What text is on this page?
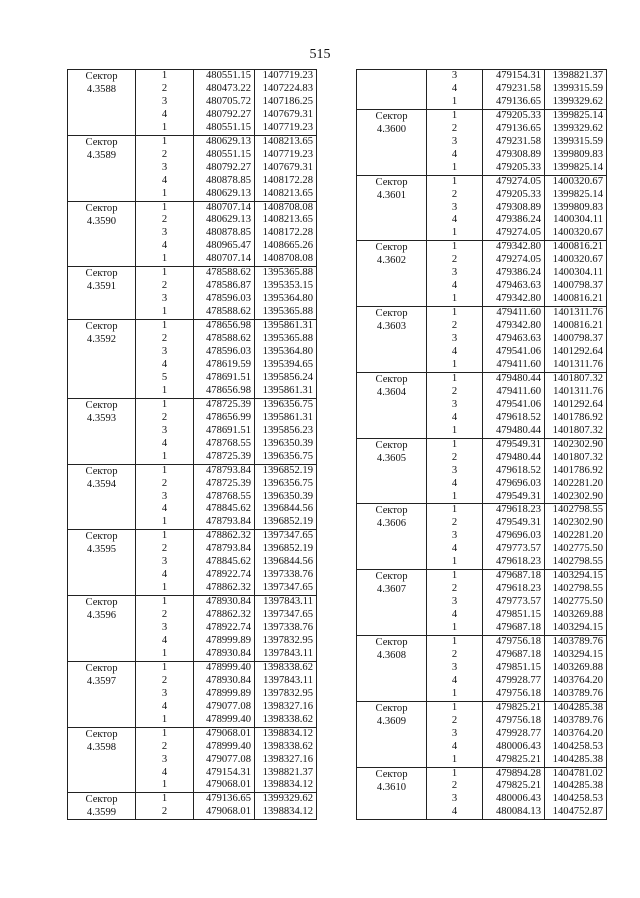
515
Сектор
4.3588	1	480551.15	1407719.23
	2	480473.22	1407224.83
	3	480705.72	1407186.25
	4	480792.27	1407679.31
	1	480551.15	1407719.23

Сектор
4.3589	1	480629.13	1408213.65
	2	480551.15	1407719.23
	3	480792.27	1407679.31
	4	480878.85	1408172.28
	1	480629.13	1408213.65

Сектор
4.3590	1	480707.14	1408708.08
	2	480629.13	1408213.65
	3	480878.85	1408172.28
	4	480965.47	1408665.26
	1	480707.14	1408708.08

Сектор
4.3591	1	478588.62	1395365.88
	2	478586.87	1395353.15
	3	478596.03	1395364.80
	1	478588.62	1395365.88

Сектор
4.3592	1	478656.98	1395861.31
	2	478588.62	1395365.88
	3	478596.03	1395364.80
	4	478619.59	1395394.65
	5	478691.51	1395856.24
	1	478656.98	1395861.31

Сектор
4.3593	1	478725.39	1396356.75
	2	478656.99	1395861.31
	3	478691.51	1395856.23
	4	478768.55	1396350.39
	1	478725.39	1396356.75

Сектор
4.3594	1	478793.84	1396852.19
	2	478725.39	1396356.75
	3	478768.55	1396350.39
	4	478845.62	1396844.56
	1	478793.84	1396852.19

Сектор
4.3595	1	478862.32	1397347.65
	2	478793.84	1396852.19
	3	478845.62	1396844.56
	4	478922.74	1397338.76
	1	478862.32	1397347.65

Сектор
4.3596	1	478930.84	1397843.11
	2	478862.32	1397347.65
	3	478922.74	1397338.76
	4	478999.89	1397832.95
	1	478930.84	1397843.11

Сектор
4.3597	1	478999.40	1398338.62
	2	478930.84	1397843.11
	3	478999.89	1397832.95
	4	479077.08	1398327.16
	1	478999.40	1398338.62

Сектор
4.3598	1	479068.01	1398834.12
	2	478999.40	1398338.62
	3	479077.08	1398327.16
	4	479154.31	1398821.37
	1	479068.01	1398834.12

Сектор
4.3599	1	479136.65	1399329.62
	2	479068.01	1398834.12
	3	479154.31	1398821.37
	4	479231.58	1399315.59
	1	479136.65	1399329.62

Сектор
4.3600	1	479205.33	1399825.14
	2	479136.65	1399329.62
	3	479231.58	1399315.59
	4	479308.89	1399809.83
	1	479205.33	1399825.14

Сектор
4.3601	1	479274.05	1400320.67
	2	479205.33	1399825.14
	3	479308.89	1399809.83
	4	479386.24	1400304.11
	1	479274.05	1400320.67

Сектор
4.3602	1	479342.80	1400816.21
	2	479274.05	1400320.67
	3	479386.24	1400304.11
	4	479463.63	1400798.37
	1	479342.80	1400816.21

Сектор
4.3603	1	479411.60	1401311.76
	2	479342.80	1400816.21
	3	479463.63	1400798.37
	4	479541.06	1401292.64
	1	479411.60	1401311.76

Сектор
4.3604	1	479480.44	1401807.32
	2	479411.60	1401311.76
	3	479541.06	1401292.64
	4	479618.52	1401786.92
	1	479480.44	1401807.32

Сектор
4.3605	1	479549.31	1402302.90
	2	479480.44	1401807.32
	3	479618.52	1401786.92
	4	479696.03	1402281.20
	1	479549.31	1402302.90

Сектор
4.3606	1	479618.23	1402798.55
	2	479549.31	1402302.90
	3	479696.03	1402281.20
	4	479773.57	1402775.50
	1	479618.23	1402798.55

Сектор
4.3607	1	479687.18	1403294.15
	2	479618.23	1402798.55
	3	479773.57	1402775.50
	4	479851.15	1403269.88
	1	479687.18	1403294.15

Сектор
4.3608	1	479756.18	1403789.76
	2	479687.18	1403294.15
	3	479851.15	1403269.88
	4	479928.77	1403764.20
	1	479756.18	1403789.76

Сектор
4.3609	1	479825.21	1404285.38
	2	479756.18	1403789.76
	3	479928.77	1403764.20
	4	480006.43	1404258.53
	1	479825.21	1404285.38

Сектор
4.3610	1	479894.28	1404781.02
	2	479825.21	1404285.38
	3	480006.43	1404258.53
	4	480084.13	1404752.87
